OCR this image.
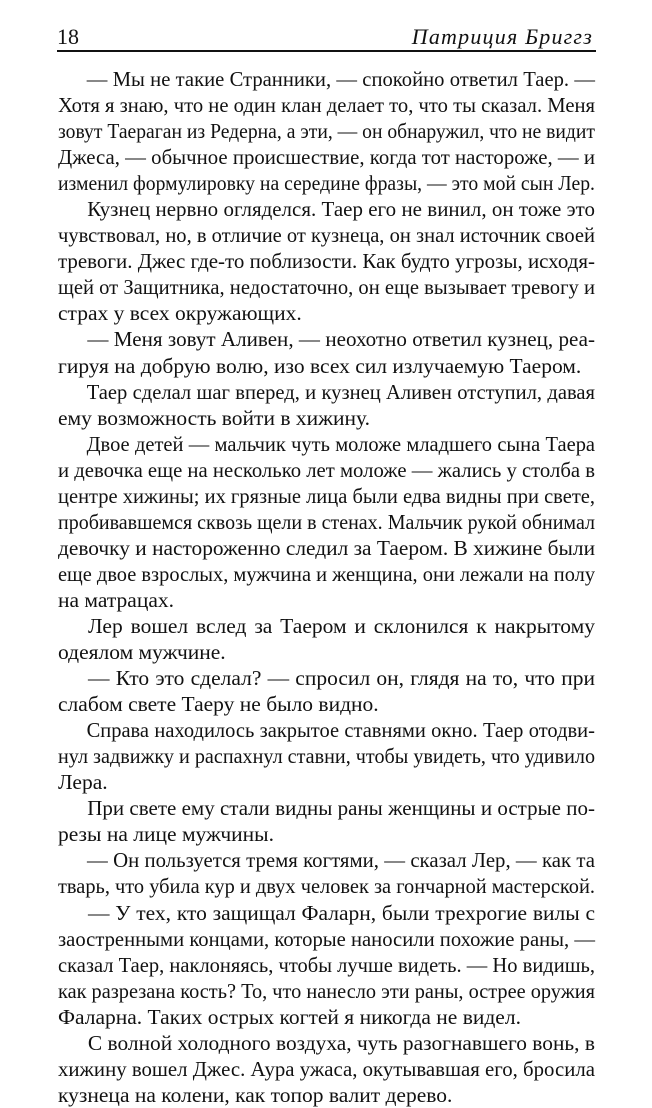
18	Патриция Бриггз
— Мы не такие Странники, — спокойно ответил Таер. —
Хотя я знаю, что не один клан делает то, что ты сказал. Меня
зовут Таераган из Редерна, а эти, — он обнаружил, что не видит
Джеса, — обычное происшествие, когда тот настороже, — и
изменил формулировку на середине фразы, — это мой сын Лер.
Кузнец нервно огляделся. Таер его не винил, он тоже это
чувствовал, но, в отличие от кузнеца, он знал источник своей
тревоги. Джес где-то поблизости. Как будто угрозы, исходя-
щей от Защитника, недостаточно, он еще вызывает тревогу и
страх у всех окружающих.
— Меня зовут Аливен, — неохотно ответил кузнец, реа-
гируя на добрую волю, изо всех сил излучаемую Таером.
Таер сделал шаг вперед, и кузнец Аливен отступил, давая
ему возможность войти в хижину.
Двое детей — мальчик чуть моложе младшего сына Таера
и девочка еще на несколько лет моложе — жались у столба в
центре хижины; их грязные лица были едва видны при свете,
пробивавшемся сквозь щели в стенах. Мальчик рукой обнимал
девочку и настороженно следил за Таером. В хижине были
еще двое взрослых, мужчина и женщина, они лежали на полу
на матрацах.
Лер вошел вслед за Таером и склонился к накрытому
одеялом мужчине.
— Кто это сделал? — спросил он, глядя на то, что при
слабом свете Таеру не было видно.
Справа находилось закрытое ставнями окно. Таер отодви-
нул задвижку и распахнул ставни, чтобы увидеть, что удивило
Лера.
При свете ему стали видны раны женщины и острые по-
резы на лице мужчины.
— Он пользуется тремя когтями, — сказал Лер, — как та
тварь, что убила кур и двух человек за гончарной мастерской.
— У тех, кто защищал Фаларн, были трехрогие вилы с
заостренными концами, которые наносили похожие раны, —
сказал Таер, наклоняясь, чтобы лучше видеть. — Но видишь,
как разрезана кость? То, что нанесло эти раны, острее оружия
Фаларна. Таких острых когтей я никогда не видел.
С волной холодного воздуха, чуть разогнавшего вонь, в
хижину вошел Джес. Аура ужаса, окутывавшая его, бросила
кузнеца на колени, как топор валит дерево.
